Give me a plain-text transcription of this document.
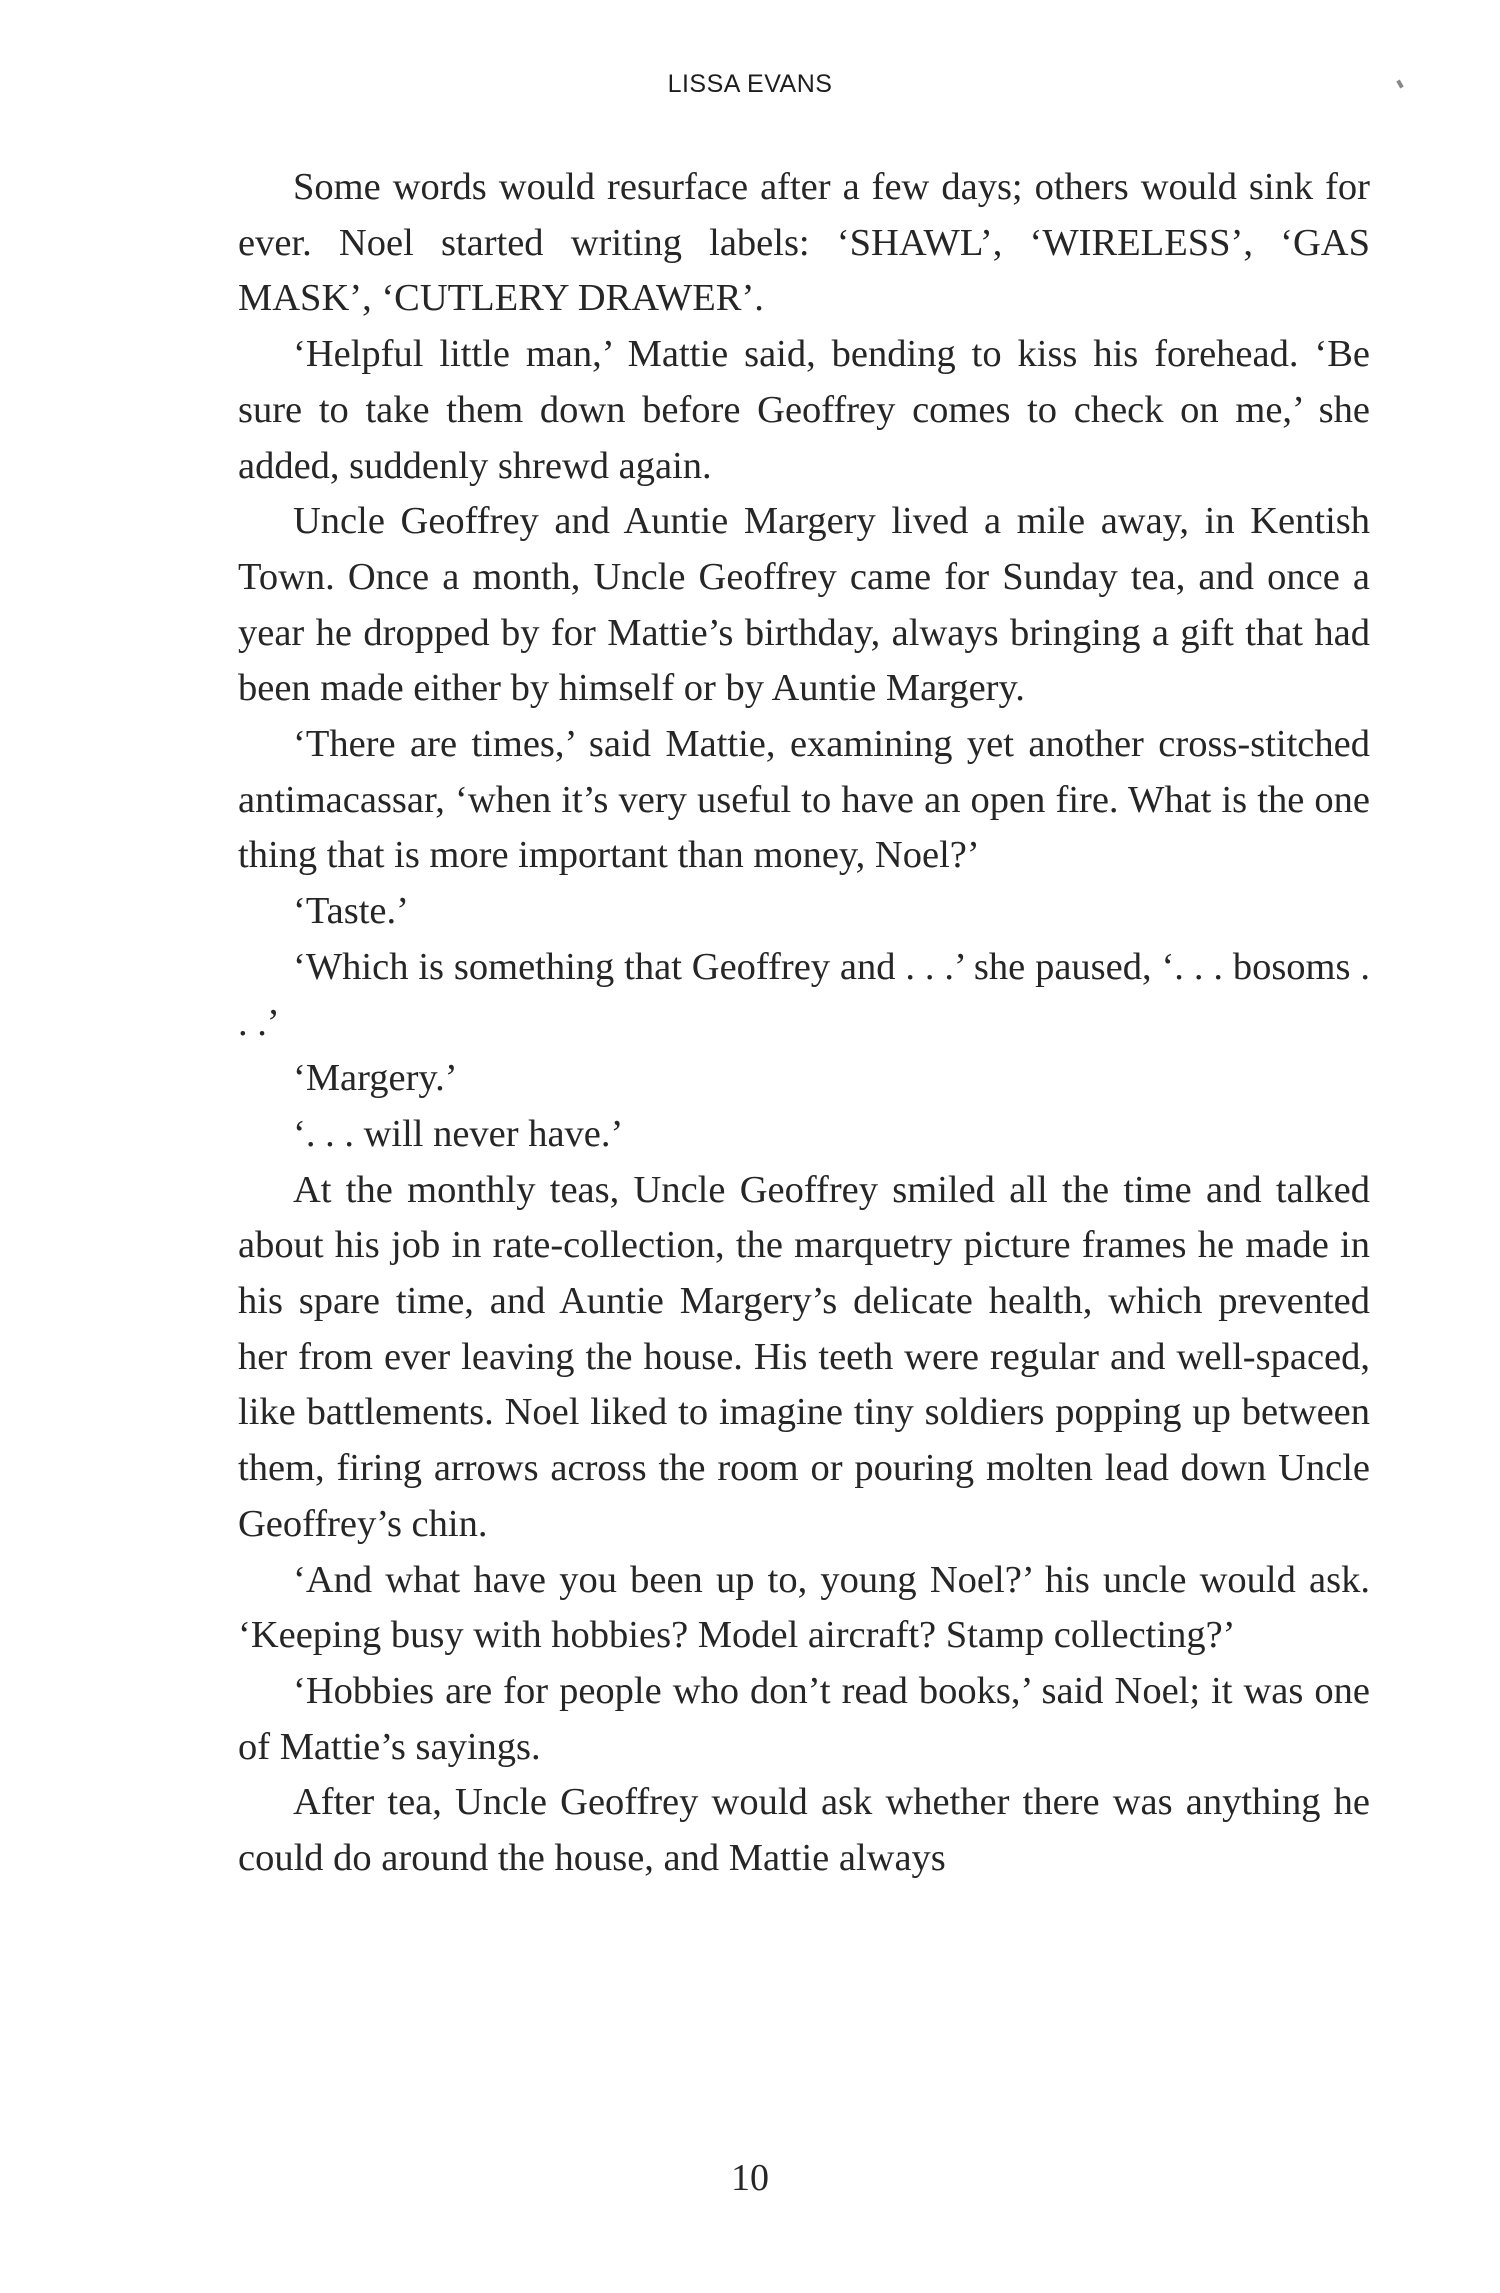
LISSA EVANS

Some words would resurface after a few days; others would sink for ever. Noel started writing labels: ‘SHAWL’, ‘WIRELESS’, ‘GAS MASK’, ‘CUTLERY DRAWER’.

‘Helpful little man,’ Mattie said, bending to kiss his forehead. ‘Be sure to take them down before Geoffrey comes to check on me,’ she added, suddenly shrewd again.

Uncle Geoffrey and Auntie Margery lived a mile away, in Kentish Town. Once a month, Uncle Geoffrey came for Sunday tea, and once a year he dropped by for Mattie’s birthday, always bringing a gift that had been made either by himself or by Auntie Margery.

‘There are times,’ said Mattie, examining yet another cross-stitched antimacassar, ‘when it’s very useful to have an open fire. What is the one thing that is more important than money, Noel?’

‘Taste.’

‘Which is something that Geoffrey and . . .’ she paused, ‘. . . bosoms . . .’

‘Margery.’

‘. . . will never have.’

At the monthly teas, Uncle Geoffrey smiled all the time and talked about his job in rate-collection, the marquetry picture frames he made in his spare time, and Auntie Margery’s delicate health, which prevented her from ever leaving the house. His teeth were regular and well-spaced, like battlements. Noel liked to imagine tiny soldiers popping up between them, firing arrows across the room or pouring molten lead down Uncle Geoffrey’s chin.

‘And what have you been up to, young Noel?’ his uncle would ask. ‘Keeping busy with hobbies? Model aircraft? Stamp collecting?’

‘Hobbies are for people who don’t read books,’ said Noel; it was one of Mattie’s sayings.

After tea, Uncle Geoffrey would ask whether there was anything he could do around the house, and Mattie always

10
